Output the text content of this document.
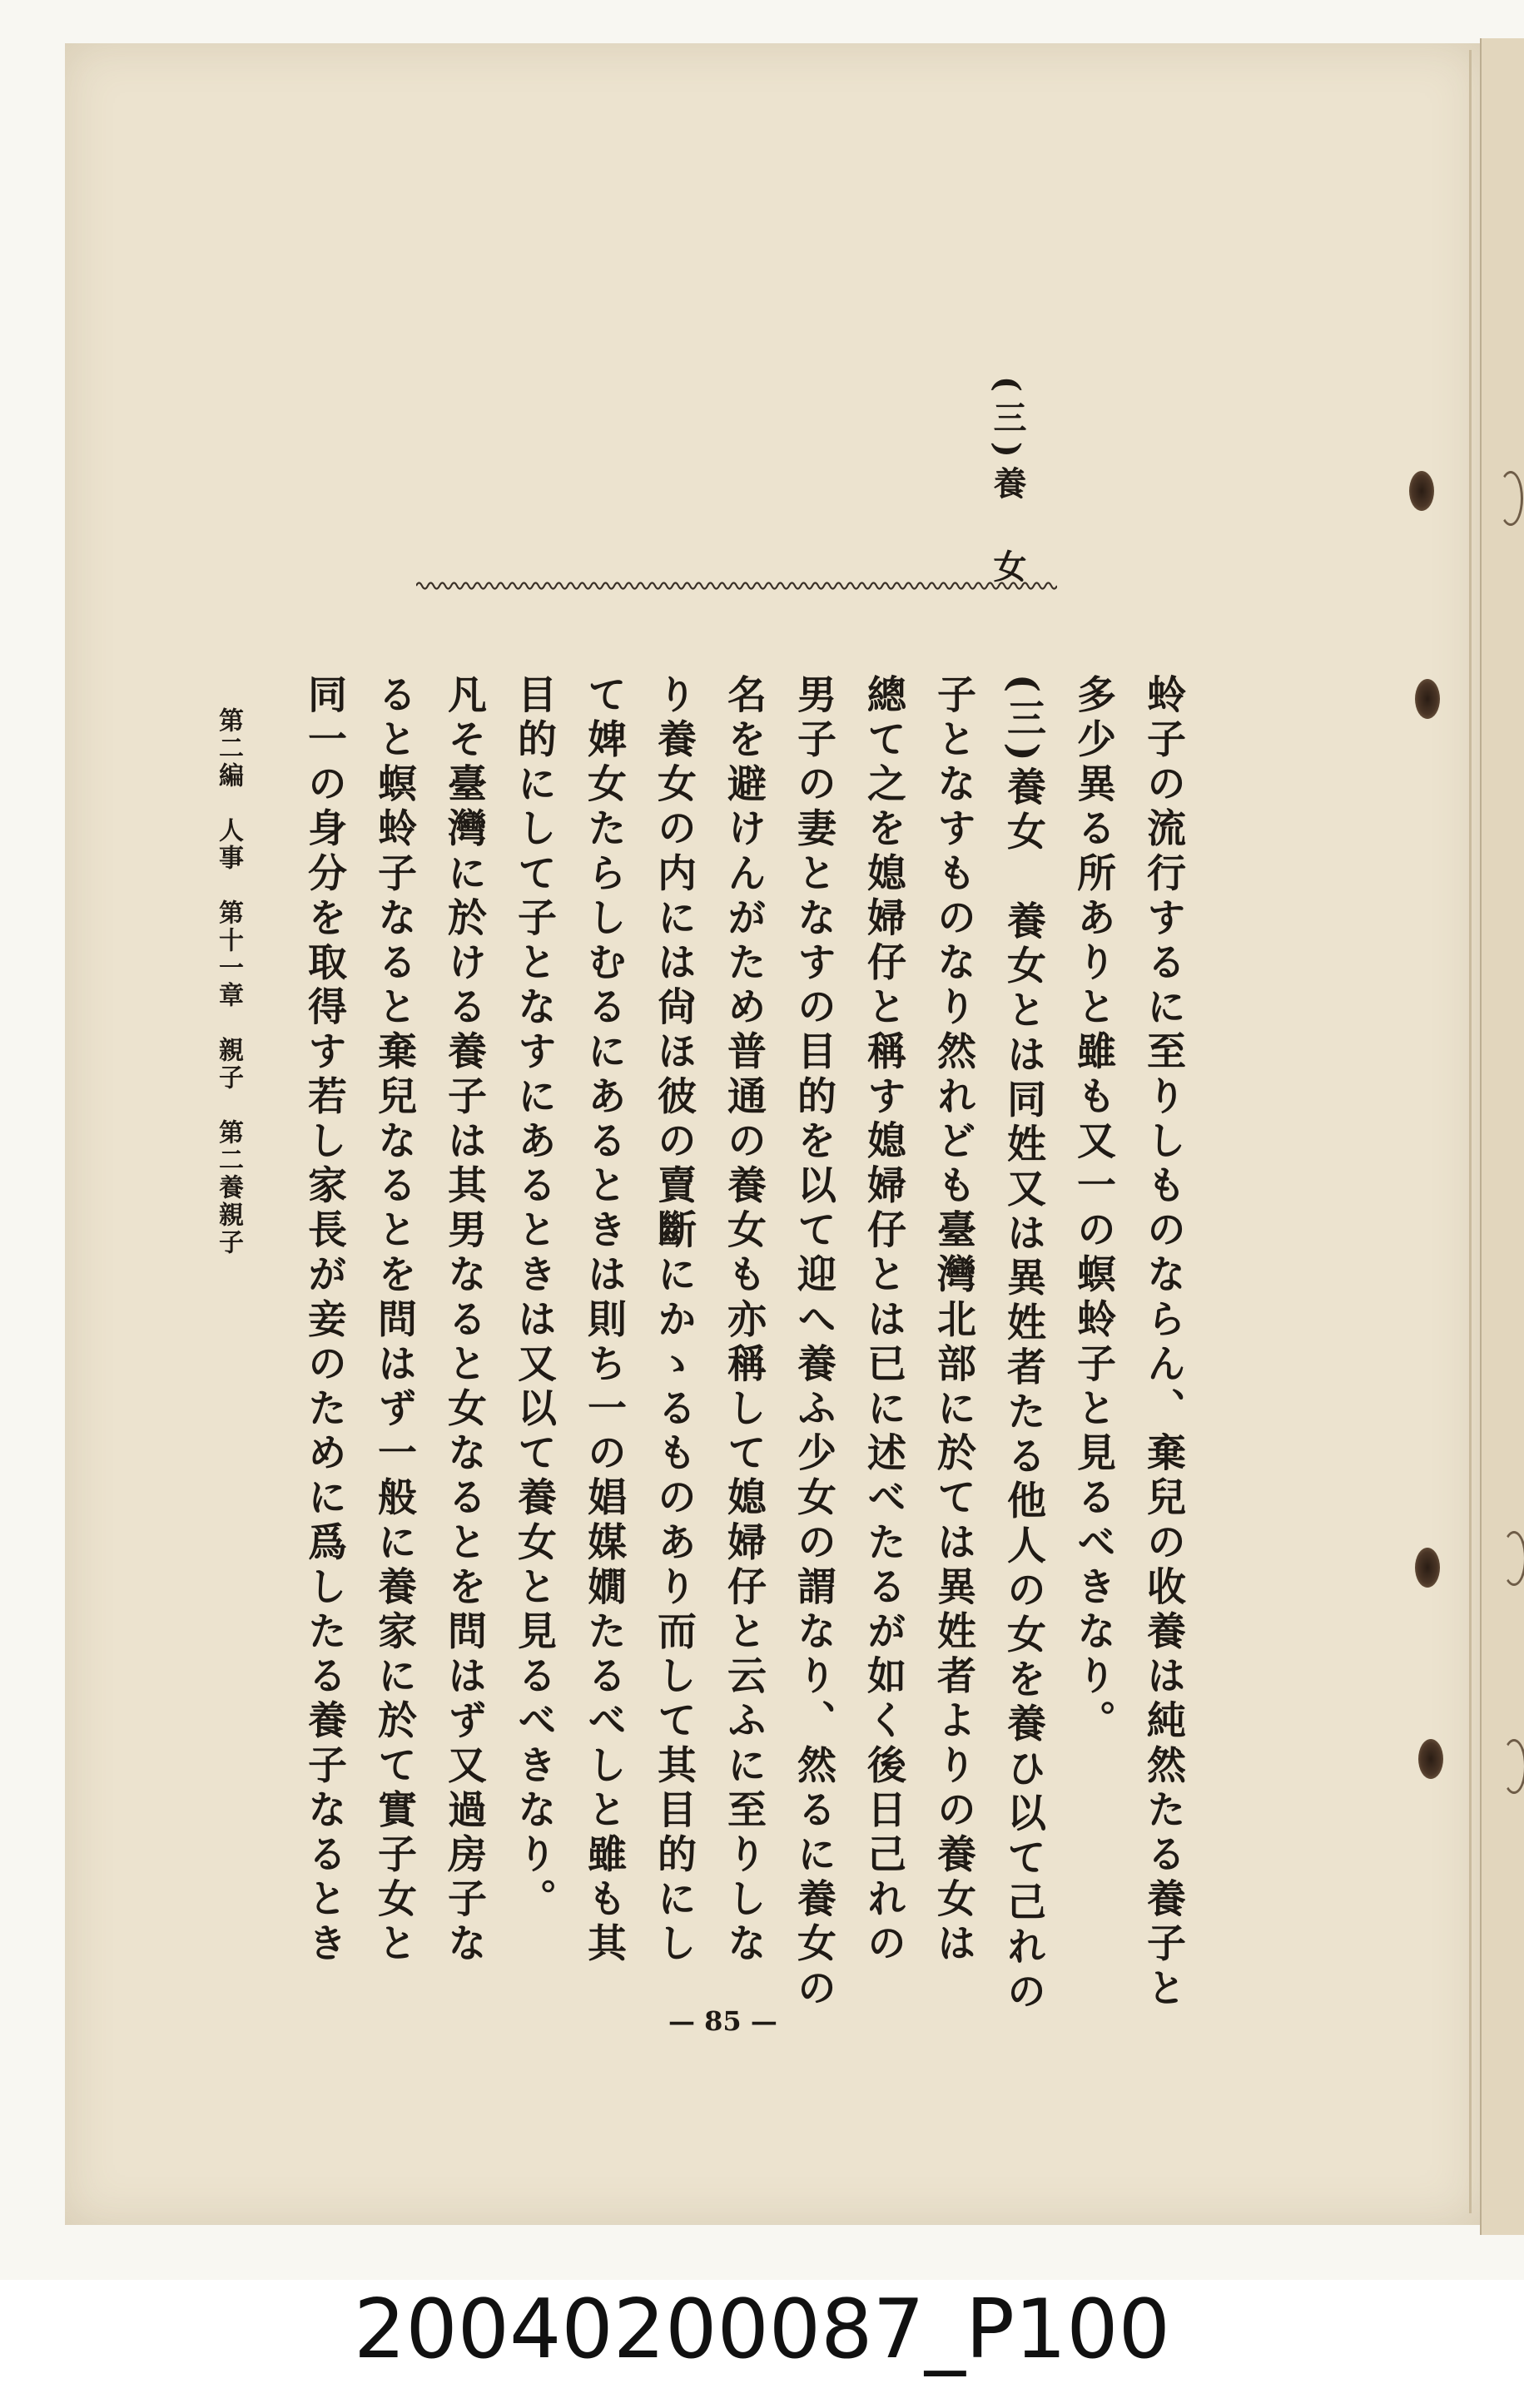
(三)養　女
蛉子の流行するに至りしものならん、棄兒の收養は純然たる養子と
多少異る所ありと雖も又一の螟蛉子と見るべきなり。
(三)養女　養女とは同姓又は異姓者たる他人の女を養ひ以て己れの
子となすものなり然れども臺灣北部に於ては異姓者よりの養女は
總て之を媳婦仔と稱す媳婦仔とは已に述べたるが如く後日己れの
男子の妻となすの目的を以て迎へ養ふ少女の謂なり、然るに養女の
名を避けんがため普通の養女も亦稱して媳婦仔と云ふに至りしな
り養女の内には尙ほ彼の賣斷にかゝるものあり而して其目的にし
て婢女たらしむるにあるときは則ち一の娼媒嫺たるべしと雖も其
目的にして子となすにあるときは又以て養女と見るべきなり。
凡そ臺灣に於ける養子は其男なると女なるとを問はず又過房子な
ると螟蛉子なると棄兒なるとを問はず一般に養家に於て實子女と
同一の身分を取得す若し家長が妾のために爲したる養子なるとき
第二編　人事　第十一章　親子　第二養親子
— 85 —
20040200087_P100
